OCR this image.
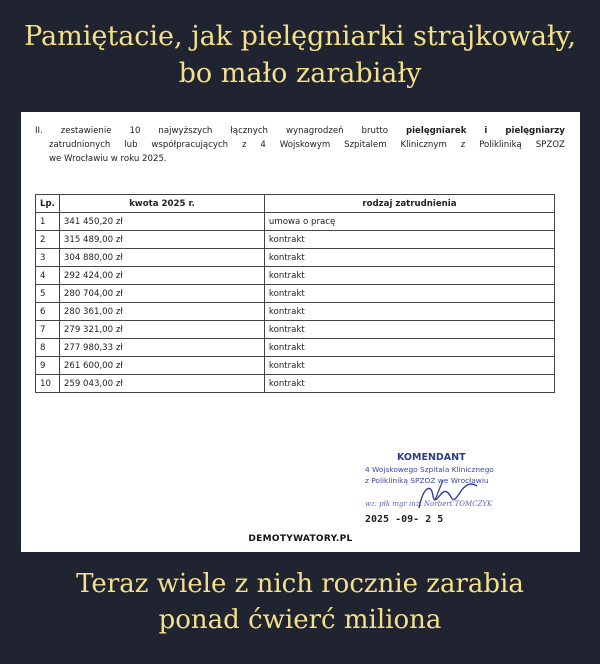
Pamiętacie, jak pielęgniarki strajkowały,
bo mało zarabiały
II. zestawienie 10 najwyższych łącznych wynagrodzeń brutto pielęgniarek i pielęgniarzy
zatrudnionych lub współpracujących z 4 Wojskowym Szpitalem Klinicznym z Polikliniką SPZOZ
we Wrocławiu w roku 2025.
Lp.	kwota 2025 r.	rodzaj zatrudnienia
1	341 450,20 zł	umowa o pracę
2	315 489,00 zł	kontrakt
3	304 880,00 zł	kontrakt
4	292 424,00 zł	kontrakt
5	280 704,00 zł	kontrakt
6	280 361,00 zł	kontrakt
7	279 321,00 zł	kontrakt
8	277 980,33 zł	kontrakt
9	261 600,00 zł	kontrakt
10	259 043,00 zł	kontrakt
KOMENDANT
4 Wojskowego Szpitala Klinicznego
z Polikliniką SPZOZ we Wrocławiu
wz. płk mgr inż. Norbert TOMCZYK
2025 -09- 2 5
DEMOTYWATORY.PL
Teraz wiele z nich rocznie zarabia
ponad ćwierć miliona
